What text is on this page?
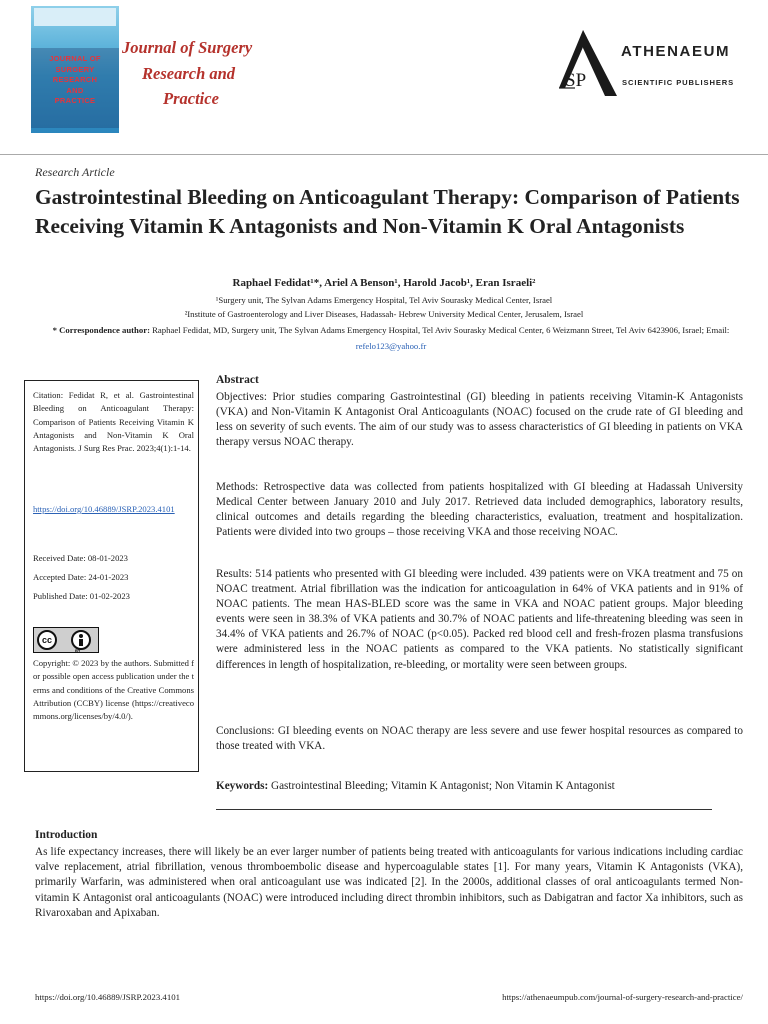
JOURNAL OF
SURGERY
RESEARCH
AND
PRACTICE
Journal of Surgery
Research and
Practice
SP
ATHENAEUM
SCIENTIFIC PUBLISHERS
Research Article
Gastrointestinal Bleeding on Anticoagulant Therapy: Comparison of Patients Receiving Vitamin K Antagonists and Non-Vitamin K Oral Antagonists
Raphael Fedidat¹*, Ariel A Benson¹, Harold Jacob¹, Eran Israeli²
¹Surgery unit, The Sylvan Adams Emergency Hospital, Tel Aviv Sourasky Medical Center, Israel
²Institute of Gastroenterology and Liver Diseases, Hadassah- Hebrew University Medical Center, Jerusalem, Israel
* Correspondence author: Raphael Fedidat, MD, Surgery unit, The Sylvan Adams Emergency Hospital, Tel Aviv Sourasky Medical Center, 6 Weizmann Street, Tel Aviv 6423906, Israel; Email: refelo123@yahoo.fr
Citation: Fedidat R, et al. Gastrointestinal Bleeding on Anticoagulant Therapy: Comparison of Patients Receiving Vitamin K Antagonists and Non-Vitamin K Oral Antagonists. J Surg Res Prac. 2023;4(1):1-14.
https://doi.org/10.46889/JSRP.2023.4101
Received Date: 08-01-2023
Accepted Date: 24-01-2023
Published Date: 01-02-2023
cc
BY
Copyright: © 2023 by the authors. Submitted for possible open access publication under the terms and conditions of the Creative Commons Attribution (CCBY) license (https://creativecommons.org/licenses/by/4.0/).
Abstract
Objectives: Prior studies comparing Gastrointestinal (GI) bleeding in patients receiving Vitamin-K Antagonists (VKA) and Non-Vitamin K Antagonist Oral Anticoagulants (NOAC) focused on the crude rate of GI bleeding and less on severity of such events. The aim of our study was to assess characteristics of GI bleeding in patients on VKA therapy versus NOAC therapy.
Methods: Retrospective data was collected from patients hospitalized with GI bleeding at Hadassah University Medical Center between January 2010 and July 2017. Retrieved data included demographics, laboratory results, clinical outcomes and details regarding the bleeding characteristics, evaluation, treatment and hospitalization. Patients were divided into two groups – those receiving VKA and those receiving NOAC.
Results: 514 patients who presented with GI bleeding were included. 439 patients were on VKA treatment and 75 on NOAC treatment. Atrial fibrillation was the indication for anticoagulation in 64% of VKA patients and in 91% of NOAC patients. The mean HAS-BLED score was the same in VKA and NOAC patient groups. Major bleeding events were seen in 38.3% of VKA patients and 30.7% of NOAC patients and life-threatening bleeding was seen in 34.4% of VKA patients and 26.7% of NOAC (p<0.05). Packed red blood cell and fresh-frozen plasma transfusions were administered less in the NOAC patients as compared to the VKA patients. No statistically significant differences in length of hospitalization, re-bleeding, or mortality were seen between groups.
Conclusions: GI bleeding events on NOAC therapy are less severe and use fewer hospital resources as compared to those treated with VKA.
Keywords: Gastrointestinal Bleeding; Vitamin K Antagonist; Non Vitamin K Antagonist
Introduction
As life expectancy increases, there will likely be an ever larger number of patients being treated with anticoagulants for various indications including cardiac valve replacement, atrial fibrillation, venous thromboembolic disease and hypercoagulable states [1]. For many years, Vitamin K Antagonists (VKA), primarily Warfarin, was administered when oral anticoagulant use was indicated [2]. In the 2000s, additional classes of oral anticoagulants termed Non-vitamin K Antagonist oral anticoagulants (NOAC) were introduced including direct thrombin inhibitors, such as Dabigatran and factor Xa inhibitors, such as Rivaroxaban and Apixaban.
https://doi.org/10.46889/JSRP.2023.4101	https://athenaeumpub.com/journal-of-surgery-research-and-practice/
